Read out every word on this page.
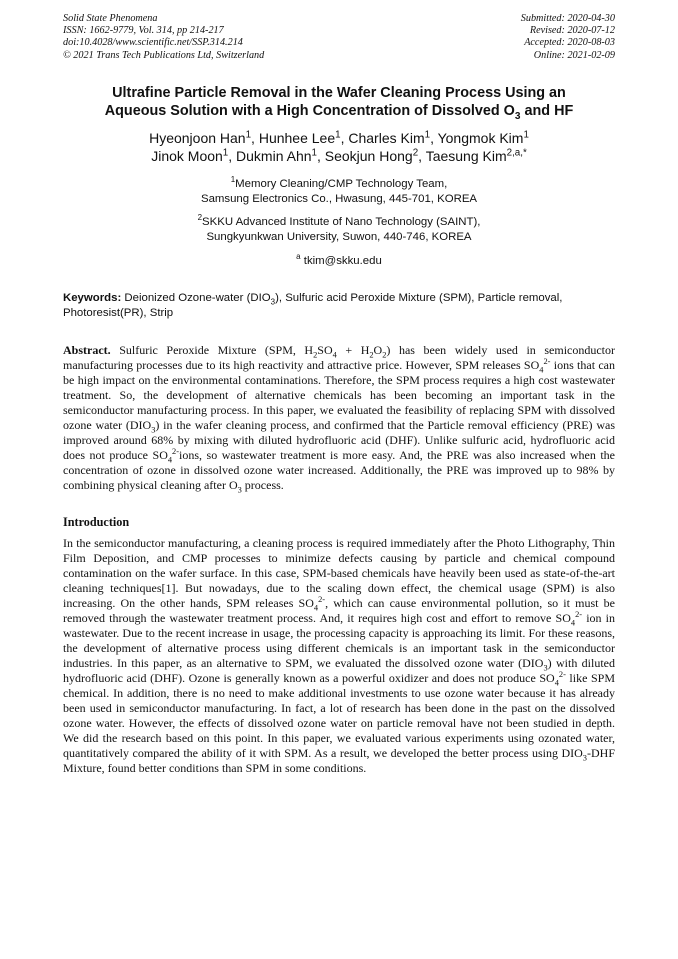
Solid State Phenomena
ISSN: 1662-9779, Vol. 314, pp 214-217
doi:10.4028/www.scientific.net/SSP.314.214
© 2021 Trans Tech Publications Ltd, Switzerland
Submitted: 2020-04-30
Revised: 2020-07-12
Accepted: 2020-08-03
Online: 2021-02-09
Ultrafine Particle Removal in the Wafer Cleaning Process Using an
Aqueous Solution with a High Concentration of Dissolved $O_3$ and HF
Hyeonjoon Han$^1$, Hunhee Lee$^1$, Charles Kim$^1$, Yongmok Kim$^1$
Jinok Moon$^1$, Dukmin Ahn$^1$, Seokjun Hong$^2$, Taesung Kim$^{2,a,*}$
$^1$Memory Cleaning/CMP Technology Team,
Samsung Electronics Co., Hwasung, 445-701, KOREA
$^2$SKKU Advanced Institute of Nano Technology (SAINT),
Sungkyunkwan University, Suwon, 440-746, KOREA
$^a$ tkim@skku.edu
Keywords: Deionized Ozone-water $(DIO_3)$, Sulfuric acid Peroxide Mixture (SPM), Particle removal, Photoresist(PR), Strip
Abstract. Sulfuric Peroxide Mixture (SPM, $H_2SO_4 + H_2O_2$) has been widely used in semiconductor manufacturing processes due to its high reactivity and attractive price. However, SPM releases $SO_4^{2-}$ ions that can be high impact on the environmental contaminations. Therefore, the SPM process requires a high cost wastewater treatment. So, the development of alternative chemicals has been becoming an important task in the semiconductor manufacturing process. In this paper, we evaluated the feasibility of replacing SPM with dissolved ozone water $(DIO_3)$ in the wafer cleaning process, and confirmed that the Particle removal efficiency (PRE) was improved around 68% by mixing with diluted hydrofluoric acid (DHF). Unlike sulfuric acid, hydrofluoric acid does not produce $SO_4^{2-}ions$, so wastewater treatment is more easy. And, the PRE was also increased when the concentration of ozone in dissolved ozone water increased. Additionally, the PRE was improved up to 98% by combining physical cleaning after $O_3$ process.
Introduction
In the semiconductor manufacturing, a cleaning process is required immediately after the Photo Lithography, Thin Film Deposition, and CMP processes to minimize defects causing by particle and chemical compound contamination on the wafer surface. In this case, SPM-based chemicals have heavily been used as state-of-the-art cleaning techniques[1]. But nowadays, due to the scaling down effect, the chemical usage (SPM) is also increasing. On the other hands, SPM releases $SO_4^{2-}$, which can cause environmental pollution, so it must be removed through the wastewater treatment process. And, it requires high cost and effort to remove $SO_4^{2-}$ ion in wastewater. Due to the recent increase in usage, the processing capacity is approaching its limit. For these reasons, the development of alternative process using different chemicals is an important task in the semiconductor industries. In this paper, as an alternative to SPM, we evaluated the dissolved ozone water $(DIO_3)$ with diluted hydrofluoric acid (DHF). Ozone is generally known as a powerful oxidizer and does not produce $SO_4^{2-}$ like SPM chemical. In addition, there is no need to make additional investments to use ozone water because it has already been used in semiconductor manufacturing. In fact, a lot of research has been done in the past on the dissolved ozone water. However, the effects of dissolved ozone water on particle removal have not been studied in depth. We did the research based on this point. In this paper, we evaluated various experiments using ozonated water, quantitatively compared the ability of it with SPM. As a result, we developed the better process using $DIO_3$-DHF Mixture, found better conditions than SPM in some conditions.
